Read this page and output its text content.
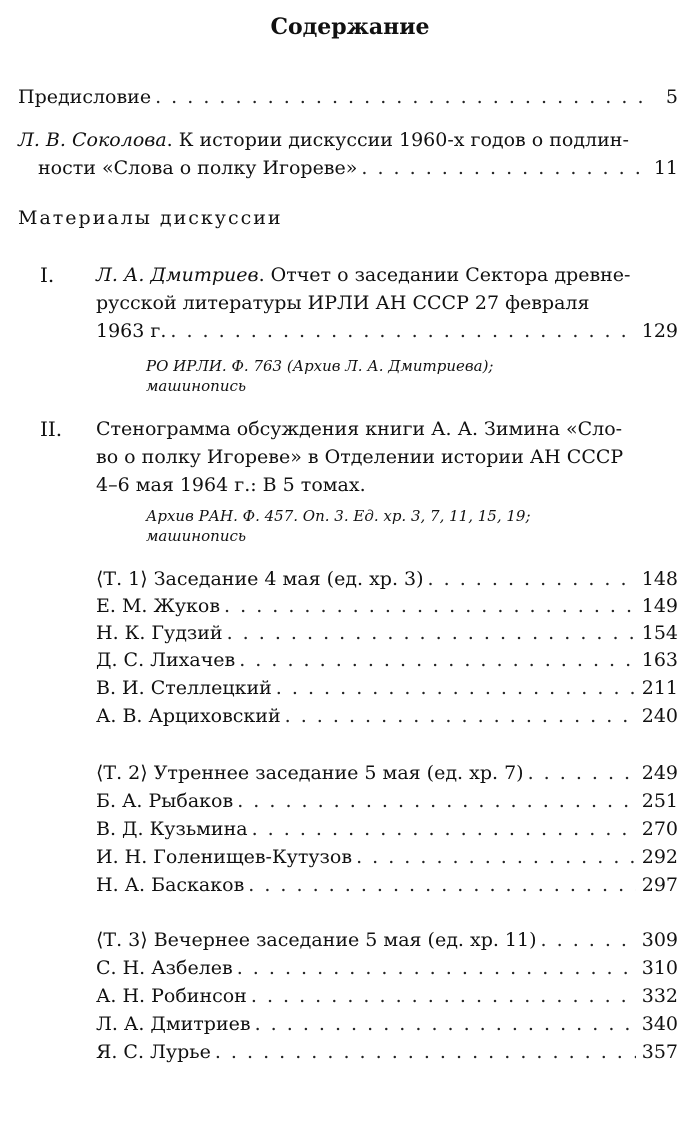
Содержание
Предисловие . . .	5
Л. В. Соколова. К истории дискуссии 1960-х годов о подлин-
ности «Слова о полку Игореве» . . .	11
Материалы дискуссии
I. Л. А. Дмитриев. Отчет о заседании Сектора древне-
русской литературы ИРЛИ АН СССР 27 февраля
1963 г. . . .	129
РО ИРЛИ. Ф. 763 (Архив Л. А. Дмитриева);
машинопись
II. Стенограмма обсуждения книги А. А. Зимина «Сло-
во о полку Игореве» в Отделении истории АН СССР
4–6 мая 1964 г.: В 5 томах.
Архив РАН. Ф. 457. Оп. 3. Ед. хр. 3, 7, 11, 15, 19;
машинопись
⟨Т. 1⟩ Заседание 4 мая (ед. хр. 3) . . .	148
Е. М. Жуков . . .	149
Н. К. Гудзий . . .	154
Д. С. Лихачев . . .	163
В. И. Стеллецкий . . .	211
А. В. Арциховский . . .	240
⟨Т. 2⟩ Утреннее заседание 5 мая (ед. хр. 7) . . .	249
Б. А. Рыбаков . . .	251
В. Д. Кузьмина . . .	270
И. Н. Голенищев-Кутузов . . .	292
Н. А. Баскаков . . .	297
⟨Т. 3⟩ Вечернее заседание 5 мая (ед. хр. 11) . . .	309
С. Н. Азбелев . . .	310
А. Н. Робинсон . . .	332
Л. А. Дмитриев . . .	340
Я. С. Лурье . . .	357
